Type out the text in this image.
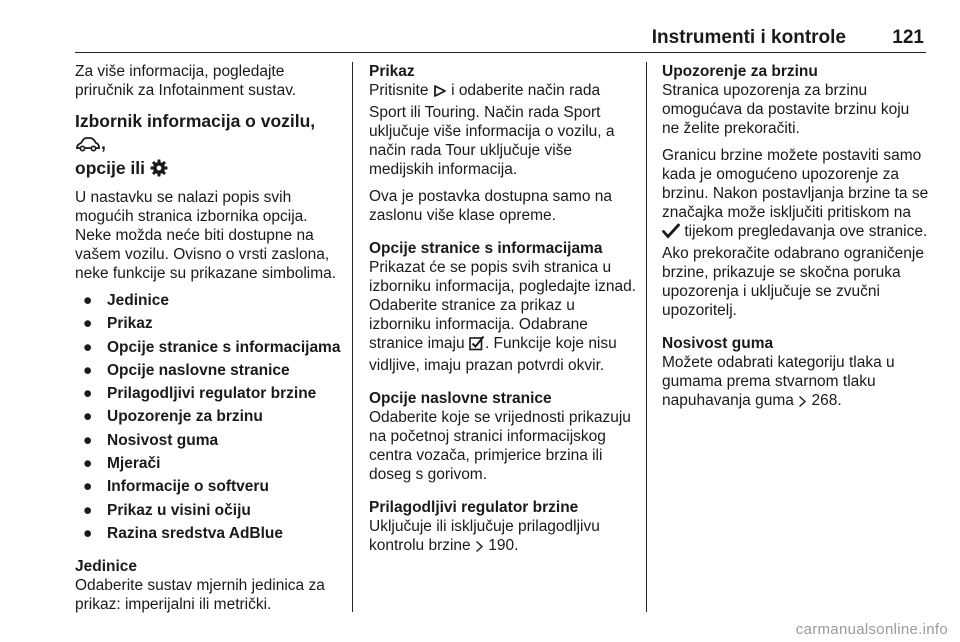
Instrumenti i kontrole 121

Za više informacija, pogledajte priručnik za Infotainment sustav.

Izbornik informacija o vozilu, ,
opcije ili

U nastavku se nalazi popis svih mogućih stranica izbornika opcija. Neke možda neće biti dostupne na vašem vozilu. Ovisno o vrsti zaslona, neke funkcije su prikazane simbolima.

● Jedinice
● Prikaz
● Opcije stranice s informacijama
● Opcije naslovne stranice
● Prilagodljivi regulator brzine
● Upozorenje za brzinu
● Nosivost guma
● Mjerači
● Informacije o softveru
● Prikaz u visini očiju
● Razina sredstva AdBlue
Jedinice

Odaberite sustav mjernih jedinica za prikaz: imperijalni ili metrički.

Prikaz

Pritisnite i odaberite način rada Sport ili Touring. Način rada Sport uključuje više informacija o vozilu, a način rada Tour uključuje više medijskih informacija.

Ova je postavka dostupna samo na zaslonu više klase opreme.

Opcije stranice s informacijama

Prikazat će se popis svih stranica u izborniku informacija, pogledajte iznad. Odaberite stranice za prikaz u izborniku informacija. Odabrane stranice imaju . Funkcije koje nisu vidljive, imaju prazan potvrdi okvir.

Opcije naslovne stranice

Odaberite koje se vrijednosti prikazuju na početnoj stranici informacijskog centra vozača, primjerice brzina ili doseg s gorivom.

Prilagodljivi regulator brzine

Uključuje ili isključuje prilagodljivu kontrolu brzine 190.

Upozorenje za brzinu

Stranica upozorenja za brzinu omogućava da postavite brzinu koju ne želite prekoračiti.

Granicu brzine možete postaviti samo kada je omogućeno upozorenje za brzinu. Nakon postavljanja brzine ta se značajka može isključiti pritiskom na  tijekom pregledavanja ove stranice. Ako prekoračite odabrano ograničenje brzine, prikazuje se skočna poruka upozorenja i uključuje se zvučni upozoritelj.

Nosivost guma

Možete odabrati kategoriju tlaka u gumama prema stvarnom tlaku napuhavanja guma 268.

carmanualsonline.info
